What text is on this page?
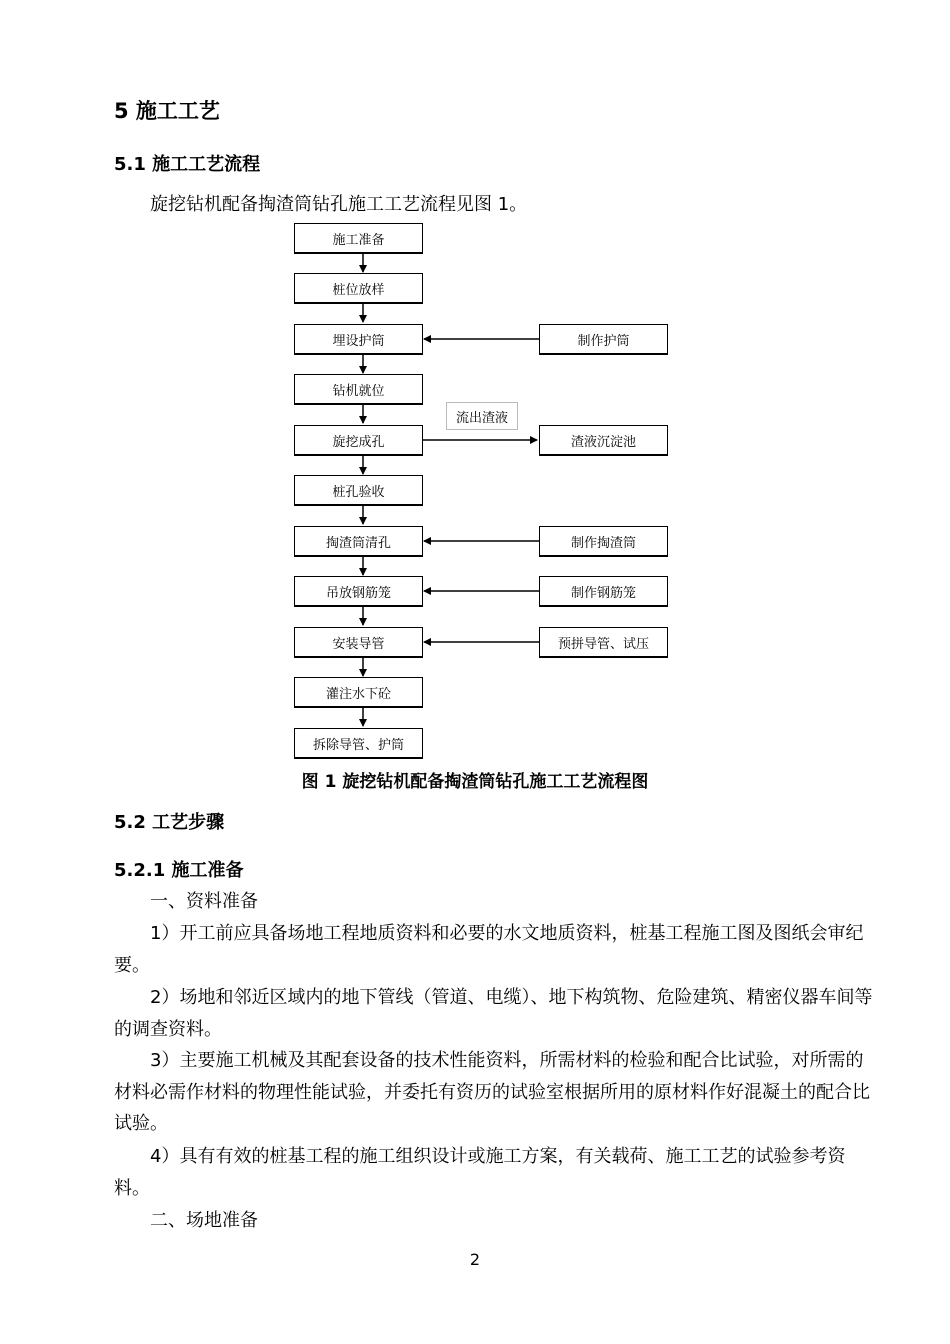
5 施工工艺
5.1 施工工艺流程
旋挖钻机配备掏渣筒钻孔施工工艺流程见图 1。
施工准备
桩位放样
埋设护筒
钻机就位
旋挖成孔
桩孔验收
掏渣筒清孔
吊放钢筋笼
安装导管
灌注水下砼
拆除导管、护筒
制作护筒
制作掏渣筒
制作钢筋笼
预拼导管、试压
渣液沉淀池
流出渣液
图 1 旋挖钻机配备掏渣筒钻孔施工工艺流程图
5.2 工艺步骤
5.2.1 施工准备
一、资料准备
1）开工前应具备场地工程地质资料和必要的水文地质资料，桩基工程施工图及图纸会审纪要。
2）场地和邻近区域内的地下管线（管道、电缆）、地下构筑物、危险建筑、精密仪器车间等的调查资料。
3）主要施工机械及其配套设备的技术性能资料，所需材料的检验和配合比试验，对所需的材料必需作材料的物理性能试验，并委托有资历的试验室根据所用的原材料作好混凝土的配合比试验。
4）具有有效的桩基工程的施工组织设计或施工方案，有关载荷、施工工艺的试验参考资料。
二、场地准备
2
